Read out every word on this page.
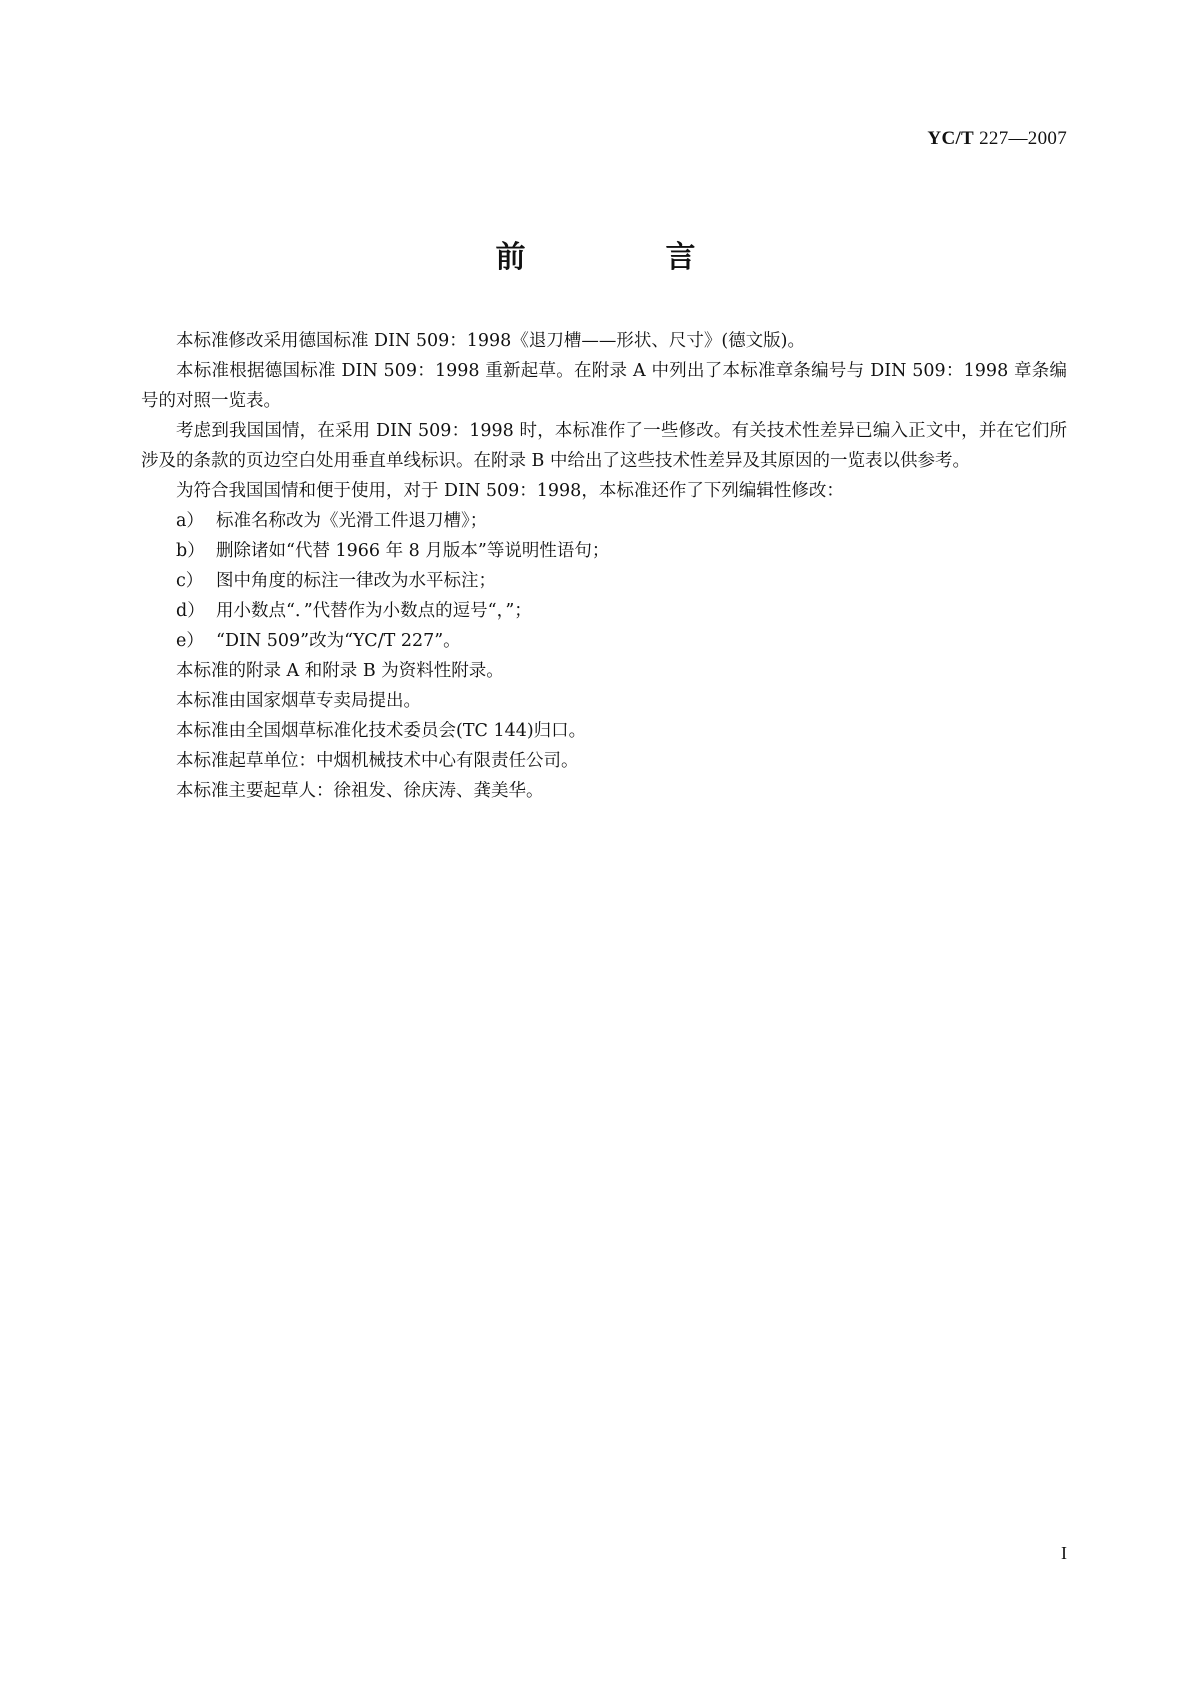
YC/T 227—2007
前　言

本标准修改采用德国标准 DIN 509：1998《退刀槽——形状、尺寸》(德文版)。

本标准根据德国标准 DIN 509：1998 重新起草。在附录 A 中列出了本标准章条编号与 DIN 509：1998 章条编号的对照一览表。

考虑到我国国情，在采用 DIN 509：1998 时，本标准作了一些修改。有关技术性差异已编入正文中，并在它们所涉及的条款的页边空白处用垂直单线标识。在附录 B 中给出了这些技术性差异及其原因的一览表以供参考。

为符合我国国情和便于使用，对于 DIN 509：1998，本标准还作了下列编辑性修改：

a） 标准名称改为《光滑工件退刀槽》；

b） 删除诸如“代替 1966 年 8 月版本”等说明性语句；

c） 图中角度的标注一律改为水平标注；

d） 用小数点“．”代替作为小数点的逗号“，”；

e） “DIN 509”改为“YC/T 227”。

本标准的附录 A 和附录 B 为资料性附录。

本标准由国家烟草专卖局提出。

本标准由全国烟草标准化技术委员会(TC 144)归口。

本标准起草单位：中烟机械技术中心有限责任公司。

本标准主要起草人：徐祖发、徐庆涛、龚美华。

I
